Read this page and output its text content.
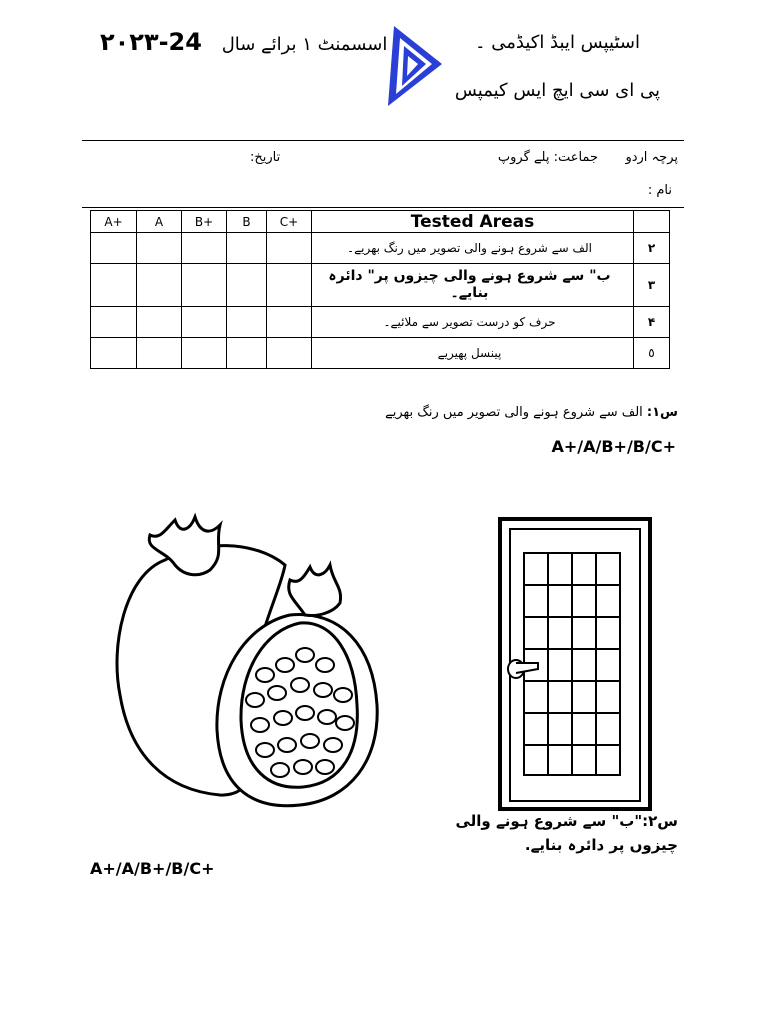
اسٹیپس ایبڈ اکیڈمی ۔
پی ای سی ایچ ایس کیمپس
۲۰۲۳-24 اسسمنٹ ١ برائے سال
پرچہ اردو
جماعت: پلے گروپ
تاریخ:
نام :
A+	A	B+	B	C+	Tested Areas	
					الف سے شروع ہونے والی تصویر میں رنگ بھریے۔	۲
					ب" سے شروع ہونے والی چیزوں پر" دائرہ بنایے۔	۳
					حرف کو درست تصویر سے ملائیے۔	۴
					پینسل پھیریے	٥
س۱: الف سے شروع ہونے والی تصویر میں رنگ بھریے
A+/A/B+/B/C+
س۲:"ب" سے شروع ہونے والی
چیزوں پر دائرہ بنایے.
A+/A/B+/B/C+
